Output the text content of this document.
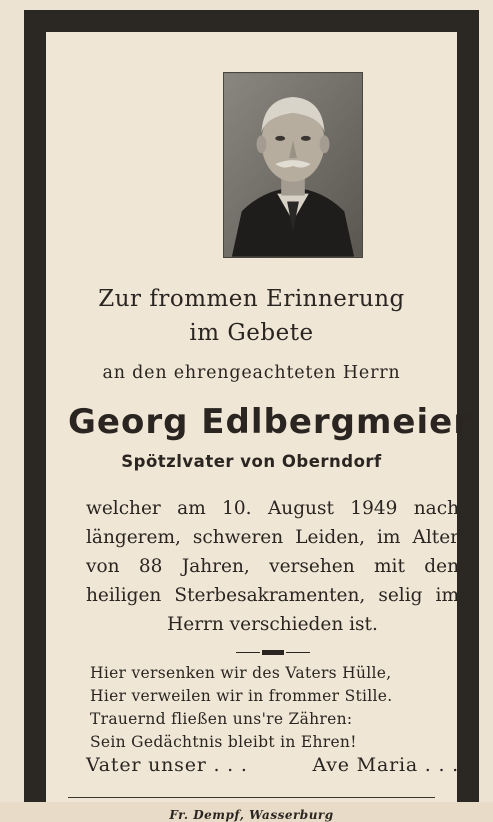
Zur frommen Erinnerung
im Gebete
an den ehrengeachteten Herrn
Georg Edlbergmeier
Spötzlvater von Oberndorf
welcher am 10. August 1949 nach
längerem, schweren Leiden, im Alter
von 88 Jahren, versehen mit den
heiligen Sterbesakramenten, selig im
Herrn verschieden ist.
Hier versenken wir des Vaters Hülle,
Hier verweilen wir in frommer Stille.
Trauernd fließen uns're Zähren:
Sein Gedächtnis bleibt in Ehren!
Vater unser . . .	Ave Maria . . .
Fr. Dempf, Wasserburg
